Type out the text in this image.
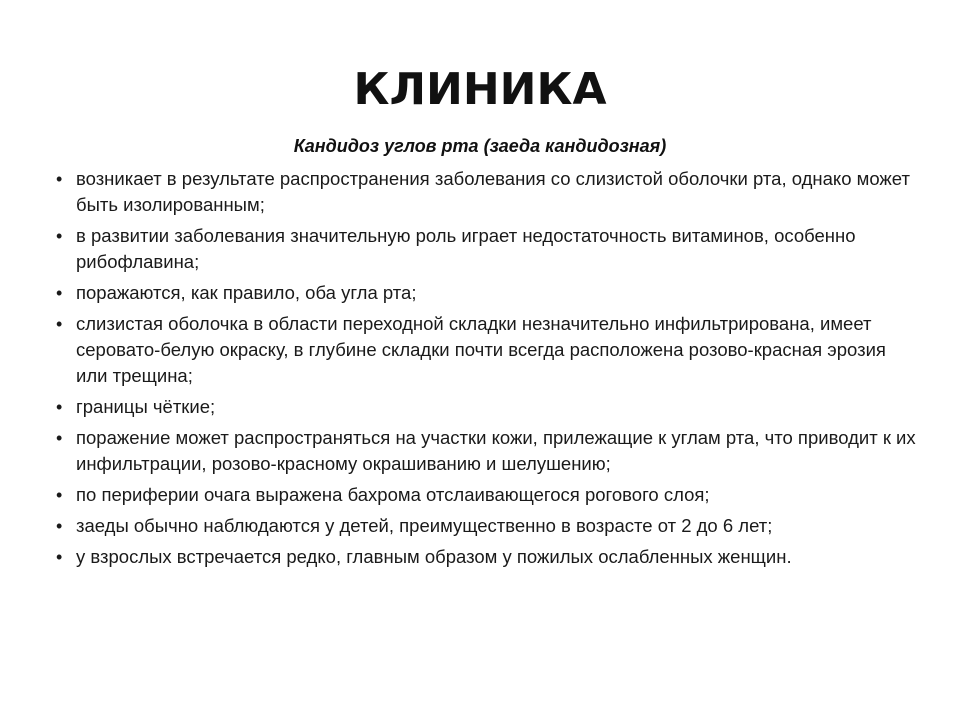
КЛИНИКА

Кандидоз углов рта (заеда кандидозная)

• возникает в результате распространения заболевания со слизистой оболочки рта, однако может быть изолированным;
• в развитии заболевания значительную роль играет недостаточность витаминов, особенно рибофлавина;
• поражаются, как правило, оба угла рта;
• слизистая оболочка в области переходной складки незначительно инфильтрирована, имеет серовато-белую окраску, в глубине складки почти всегда расположена розово-красная эрозия или трещина;
• границы чёткие;
• поражение может распространяться на участки кожи, прилежащие к углам рта, что приводит к их инфильтрации, розово-красному окрашиванию и шелушению;
• по периферии очага выражена бахрома отслаивающегося рогового слоя;
• заеды обычно наблюдаются у детей, преимущественно в возрасте от 2 до 6 лет;
• у взрослых встречается редко, главным образом у пожилых ослабленных женщин.
